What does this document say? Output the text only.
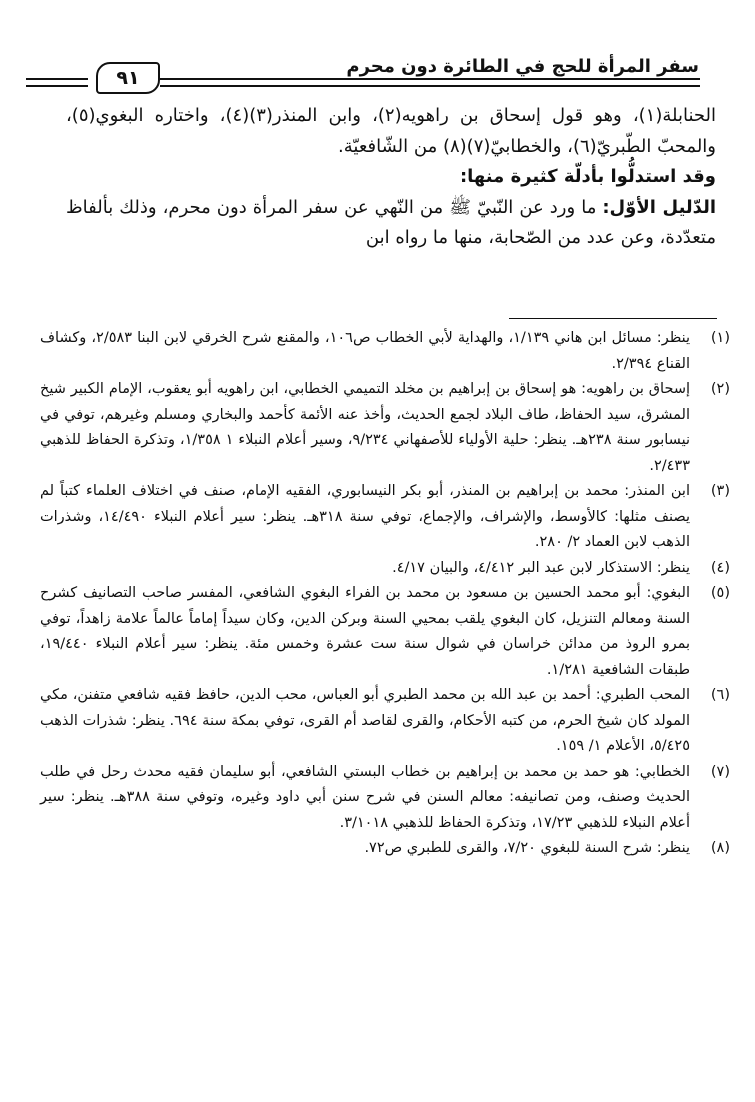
سفر المرأة للحج في الطائرة دون محرم
٩١

الحنابلة(١)، وهو قول إسحاق بن راهويه(٢)، وابن المنذر(٣)(٤)، واختاره البغوي(٥)، والمحبّ الطّبريّ(٦)، والخطابيّ(٧)(٨) من الشّافعيّة.

وقد استدلُّوا بأدلّة كثيرة منها:

الدّليل الأوّل: ما ورد عن النّبيّ ﷺ من النّهي عن سفر المرأة دون محرم، وذلك بألفاظ متعدّدة، وعن عدد من الصّحابة، منها ما رواه ابن

(١)
ينظر: مسائل ابن هاني ١/١٣٩، والهداية لأبي الخطاب ص١٠٦، والمقنع شرح الخرقي لابن البنا ٢/٥٨٣، وكشاف القناع ٢/٣٩٤.
(٢)
إسحاق بن راهويه: هو إسحاق بن إبراهيم بن مخلد التميمي الخطابي، ابن راهويه أبو يعقوب، الإمام الكبير شيخ المشرق، سيد الحفاظ، طاف البلاد لجمع الحديث، وأخذ عنه الأئمة كأحمد والبخاري ومسلم وغيرهم، توفي في نيسابور سنة ٢٣٨هـ. ينظر: حلية الأولياء للأصفهاني ٩/٢٣٤، وسير أعلام النبلاء ١ ١/٣٥٨، وتذكرة الحفاظ للذهبي ٢/٤٣٣.
(٣)
ابن المنذر: محمد بن إبراهيم بن المنذر، أبو بكر النيسابوري، الفقيه الإمام، صنف في اختلاف العلماء كتباً لم يصنف مثلها: كالأوسط، والإشراف، والإجماع، توفي سنة ٣١٨هـ. ينظر: سير أعلام النبلاء ١٤/٤٩٠، وشذرات الذهب لابن العماد ٢/ ٢٨٠.
(٤)
ينظر: الاستذكار لابن عبد البر ٤/٤١٢، والبيان ٤/١٧.
(٥)
البغوي: أبو محمد الحسين بن مسعود بن محمد بن الفراء البغوي الشافعي، المفسر صاحب التصانيف كشرح السنة ومعالم التنزيل، كان البغوي يلقب بمحيي السنة وبركن الدين، وكان سيداً إماماً عالماً علامة زاهداً، توفي بمرو الروذ من مدائن خراسان في شوال سنة ست عشرة وخمس مئة. ينظر: سير أعلام النبلاء ١٩/٤٤٠، طبقات الشافعية ١/٢٨١.
(٦)
المحب الطبري: أحمد بن عبد الله بن محمد الطبري أبو العباس، محب الدين، حافظ فقيه شافعي متفنن، مكي المولد كان شيخ الحرم، من كتبه الأحكام، والقرى لقاصد أم القرى، توفي بمكة سنة ٦٩٤. ينظر: شذرات الذهب ٥/٤٢٥، الأعلام ١/ ١٥٩.
(٧)
الخطابي: هو حمد بن محمد بن إبراهيم بن خطاب البستي الشافعي، أبو سليمان فقيه محدث رحل في طلب الحديث وصنف، ومن تصانيفه: معالم السنن في شرح سنن أبي داود وغيره، وتوفي سنة ٣٨٨هـ. ينظر: سير أعلام النبلاء للذهبي ١٧/٢٣، وتذكرة الحفاظ للذهبي ٣/١٠١٨.
(٨)
ينظر: شرح السنة للبغوي ٧/٢٠، والقرى للطبري ص٧٢.
